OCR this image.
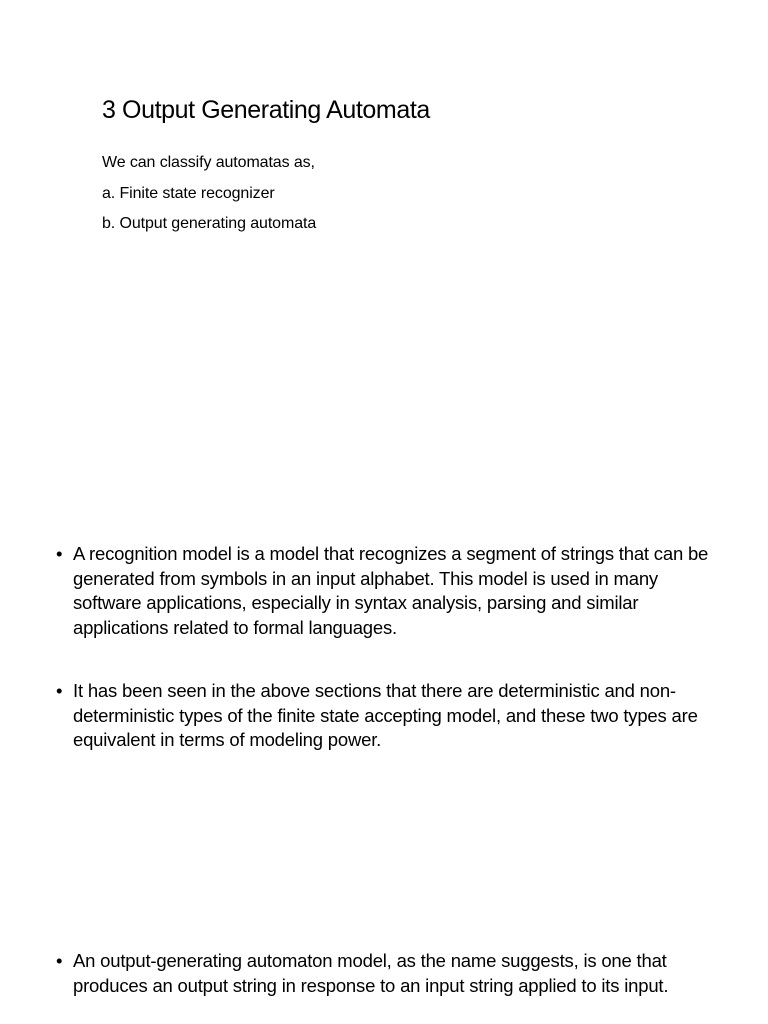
3 Output Generating Automata

We can classify automatas as,

a. Finite state recognizer

b. Output generating automata

• A recognition model is a model that recognizes a segment of strings that can be generated from symbols in an input alphabet. This model is used in many software applications, especially in syntax analysis, parsing and similar applications related to formal languages.
• It has been seen in the above sections that there are deterministic and non-deterministic types of the finite state accepting model, and these two types are equivalent in terms of modeling power.
• An output-generating automaton model, as the name suggests, is one that produces an output string in response to an input string applied to its input.
